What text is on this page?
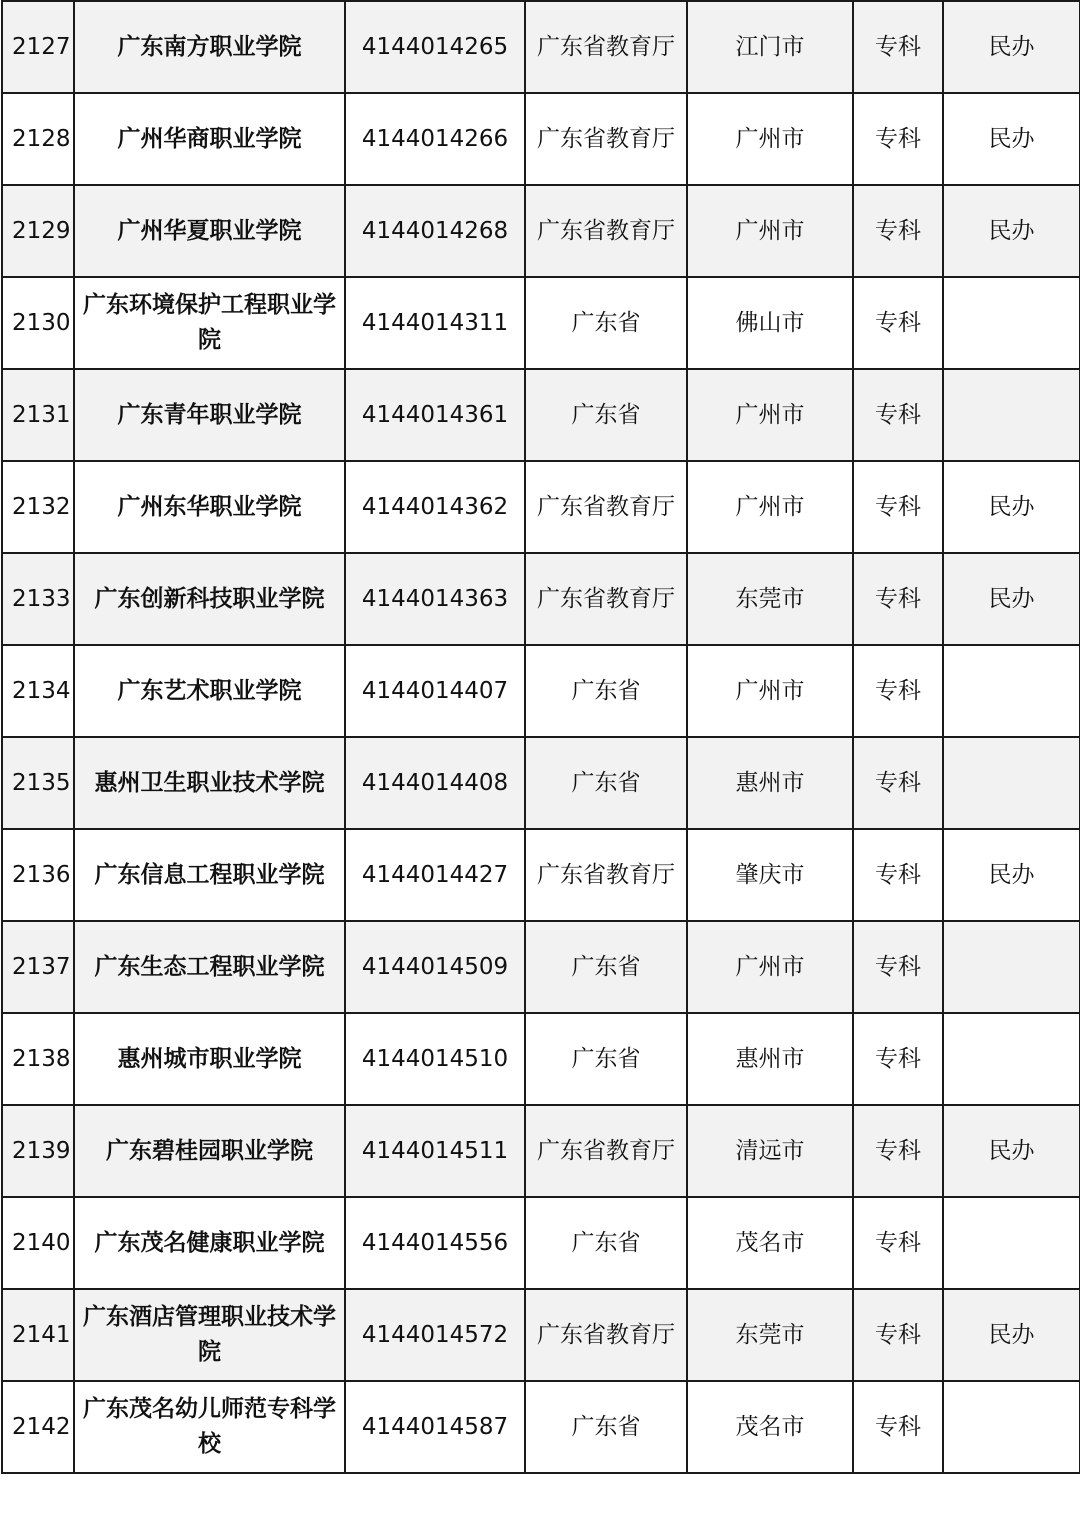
2127	广东南方职业学院	4144014265	广东省教育厅	江门市	专科	民办
2128	广州华商职业学院	4144014266	广东省教育厅	广州市	专科	民办
2129	广州华夏职业学院	4144014268	广东省教育厅	广州市	专科	民办
2130	广东环境保护工程职业学院	4144014311	广东省	佛山市	专科	
2131	广东青年职业学院	4144014361	广东省	广州市	专科	
2132	广州东华职业学院	4144014362	广东省教育厅	广州市	专科	民办
2133	广东创新科技职业学院	4144014363	广东省教育厅	东莞市	专科	民办
2134	广东艺术职业学院	4144014407	广东省	广州市	专科	
2135	惠州卫生职业技术学院	4144014408	广东省	惠州市	专科	
2136	广东信息工程职业学院	4144014427	广东省教育厅	肇庆市	专科	民办
2137	广东生态工程职业学院	4144014509	广东省	广州市	专科	
2138	惠州城市职业学院	4144014510	广东省	惠州市	专科	
2139	广东碧桂园职业学院	4144014511	广东省教育厅	清远市	专科	民办
2140	广东茂名健康职业学院	4144014556	广东省	茂名市	专科	
2141	广东酒店管理职业技术学院	4144014572	广东省教育厅	东莞市	专科	民办
2142	广东茂名幼儿师范专科学校	4144014587	广东省	茂名市	专科	
